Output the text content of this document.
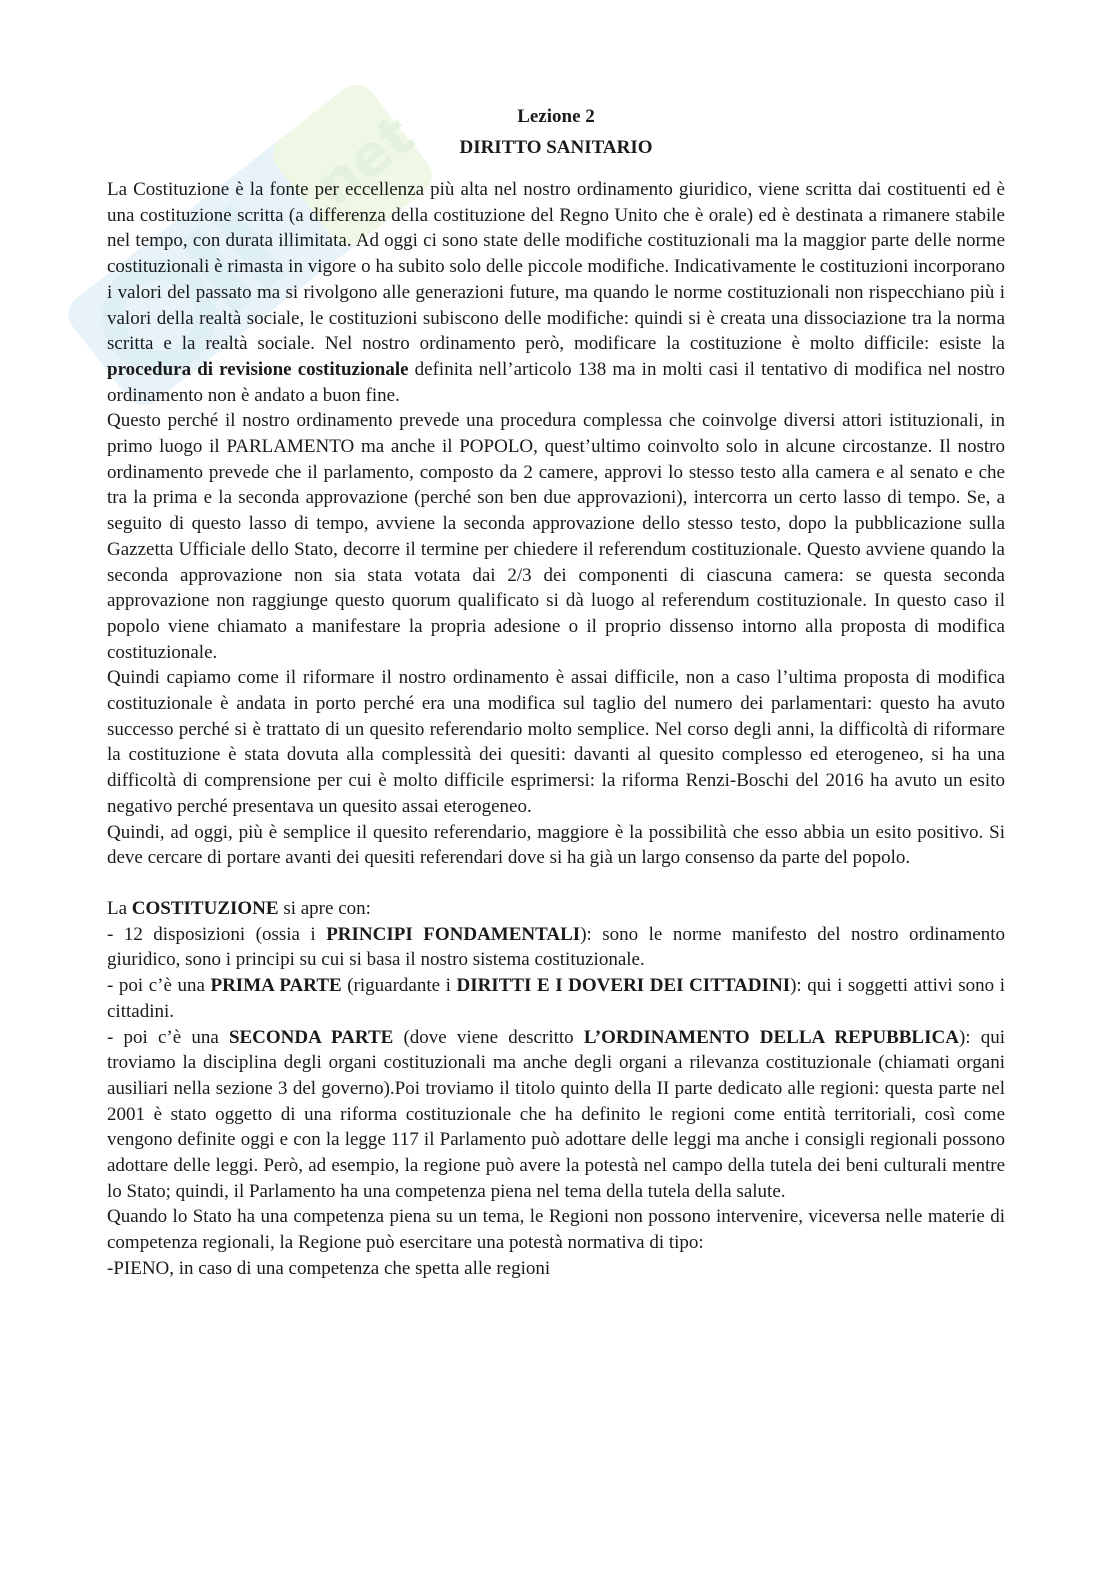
net	Lezione 2
DIRITTO SANITARIO

La Costituzione è la fonte per eccellenza più alta nel nostro ordinamento giuridico, viene scritta dai costituenti ed è una costituzione scritta (a differenza della costituzione del Regno Unito che è orale) ed è destinata a rimanere stabile nel tempo, con durata illimitata. Ad oggi ci sono state delle modifiche costituzionali ma la maggior parte delle norme costituzionali è rimasta in vigore o ha subito solo delle piccole modifiche. Indicativamente le costituzioni incorporano i valori del passato ma si rivolgono alle generazioni future, ma quando le norme costituzionali non rispecchiano più i valori della realtà sociale, le costituzioni subiscono delle modifiche: quindi si è creata una dissociazione tra la norma scritta e la realtà sociale. Nel nostro ordinamento però, modificare la costituzione è molto difficile: esiste la procedura di revisione costituzionale definita nell’articolo 138 ma in molti casi il tentativo di modifica nel nostro ordinamento non è andato a buon fine.

Questo perché il nostro ordinamento prevede una procedura complessa che coinvolge diversi attori istituzionali, in primo luogo il PARLAMENTO ma anche il POPOLO, quest’ultimo coinvolto solo in alcune circostanze. Il nostro ordinamento prevede che il parlamento, composto da 2 camere, approvi lo stesso testo alla camera e al senato e che tra la prima e la seconda approvazione (perché son ben due approvazioni), intercorra un certo lasso di tempo. Se, a seguito di questo lasso di tempo, avviene la seconda approvazione dello stesso testo, dopo la pubblicazione sulla Gazzetta Ufficiale dello Stato, decorre il termine per chiedere il referendum costituzionale. Questo avviene quando la seconda approvazione non sia stata votata dai 2/3 dei componenti di ciascuna camera: se questa seconda approvazione non raggiunge questo quorum qualificato si dà luogo al referendum costituzionale. In questo caso il popolo viene chiamato a manifestare la propria adesione o il proprio dissenso intorno alla proposta di modifica costituzionale.

Quindi capiamo come il riformare il nostro ordinamento è assai difficile, non a caso l’ultima proposta di modifica costituzionale è andata in porto perché era una modifica sul taglio del numero dei parlamentari: questo ha avuto successo perché si è trattato di un quesito referendario molto semplice. Nel corso degli anni, la difficoltà di riformare la costituzione è stata dovuta alla complessità dei quesiti: davanti al quesito complesso ed eterogeneo, si ha una difficoltà di comprensione per cui è molto difficile esprimersi: la riforma Renzi-Boschi del 2016 ha avuto un esito negativo perché presentava un quesito assai eterogeneo.

Quindi, ad oggi, più è semplice il quesito referendario, maggiore è la possibilità che esso abbia un esito positivo. Si deve cercare di portare avanti dei quesiti referendari dove si ha già un largo consenso da parte del popolo.

La COSTITUZIONE si apre con:

- 12 disposizioni (ossia i PRINCIPI FONDAMENTALI): sono le norme manifesto del nostro ordinamento giuridico, sono i principi su cui si basa il nostro sistema costituzionale.

- poi c’è una PRIMA PARTE (riguardante i DIRITTI E I DOVERI DEI CITTADINI): qui i soggetti attivi sono i cittadini.

- poi c’è una SECONDA PARTE (dove viene descritto L’ORDINAMENTO DELLA REPUBBLICA): qui troviamo la disciplina degli organi costituzionali ma anche degli organi a rilevanza costituzionale (chiamati organi ausiliari nella sezione 3 del governo).Poi troviamo il titolo quinto della II parte dedicato alle regioni: questa parte nel 2001 è stato oggetto di una riforma costituzionale che ha definito le regioni come entità territoriali, così come vengono definite oggi e con la legge 117 il Parlamento può adottare delle leggi ma anche i consigli regionali possono adottare delle leggi. Però, ad esempio, la regione può avere la potestà nel campo della tutela dei beni culturali mentre lo Stato; quindi, il Parlamento ha una competenza piena nel tema della tutela della salute.

Quando lo Stato ha una competenza piena su un tema, le Regioni non possono intervenire, viceversa nelle materie di competenza regionali, la Regione può esercitare una potestà normativa di tipo:

-PIENO, in caso di una competenza che spetta alle regioni
